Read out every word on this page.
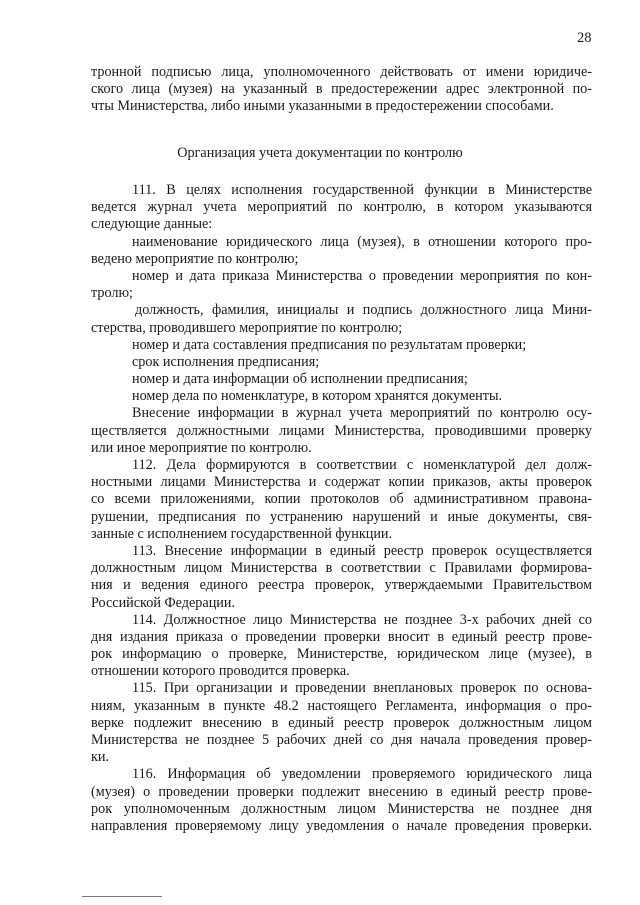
28
тронной подписью лица, уполномоченного действовать от имени юридиче-
ского лица (музея) на указанный в предостережении адрес электронной по-
чты Министерства, либо иными указанными в предостережении способами.
Организация учета документации по контролю
111. В целях исполнения государственной функции в Министерстве
ведется журнал учета мероприятий по контролю, в котором указываются
следующие данные:
наименование юридического лица (музея), в отношении которого про-
ведено мероприятие по контролю;
номер и дата приказа Министерства о проведении мероприятия по кон-
тролю;
должность, фамилия, инициалы и подпись должностного лица Мини-
стерства, проводившего мероприятие по контролю;
номер и дата составления предписания по результатам проверки;
срок исполнения предписания;
номер и дата информации об исполнении предписания;
номер дела по номенклатуре, в котором хранятся документы.
Внесение информации в журнал учета мероприятий по контролю осу-
ществляется должностными лицами Министерства, проводившими проверку
или иное мероприятие по контролю.
112. Дела формируются в соответствии с номенклатурой дел долж-
ностными лицами Министерства и содержат копии приказов, акты проверок
со всеми приложениями, копии протоколов об административном правона-
рушении, предписания по устранению нарушений и иные документы, свя-
занные с исполнением государственной функции.
113. Внесение информации в единый реестр проверок осуществляется
должностным лицом Министерства в соответствии с Правилами формирова-
ния и ведения единого реестра проверок, утверждаемыми Правительством
Российской Федерации.
114. Должностное лицо Министерства не позднее 3-х рабочих дней со
дня издания приказа о проведении проверки вносит в единый реестр прове-
рок информацию о проверке, Министерстве, юридическом лице (музее), в
отношении которого проводится проверка.
115. При организации и проведении внеплановых проверок по основа-
ниям, указанным в пункте 48.2 настоящего Регламента, информация о про-
верке подлежит внесению в единый реестр проверок должностным лицом
Министерства не позднее 5 рабочих дней со дня начала проведения провер-
ки.
116. Информация об уведомлении проверяемого юридического лица
(музея) о проведении проверки подлежит внесению в единый реестр прове-
рок уполномоченным должностным лицом Министерства не позднее дня
направления проверяемому лицу уведомления о начале проведения проверки.
